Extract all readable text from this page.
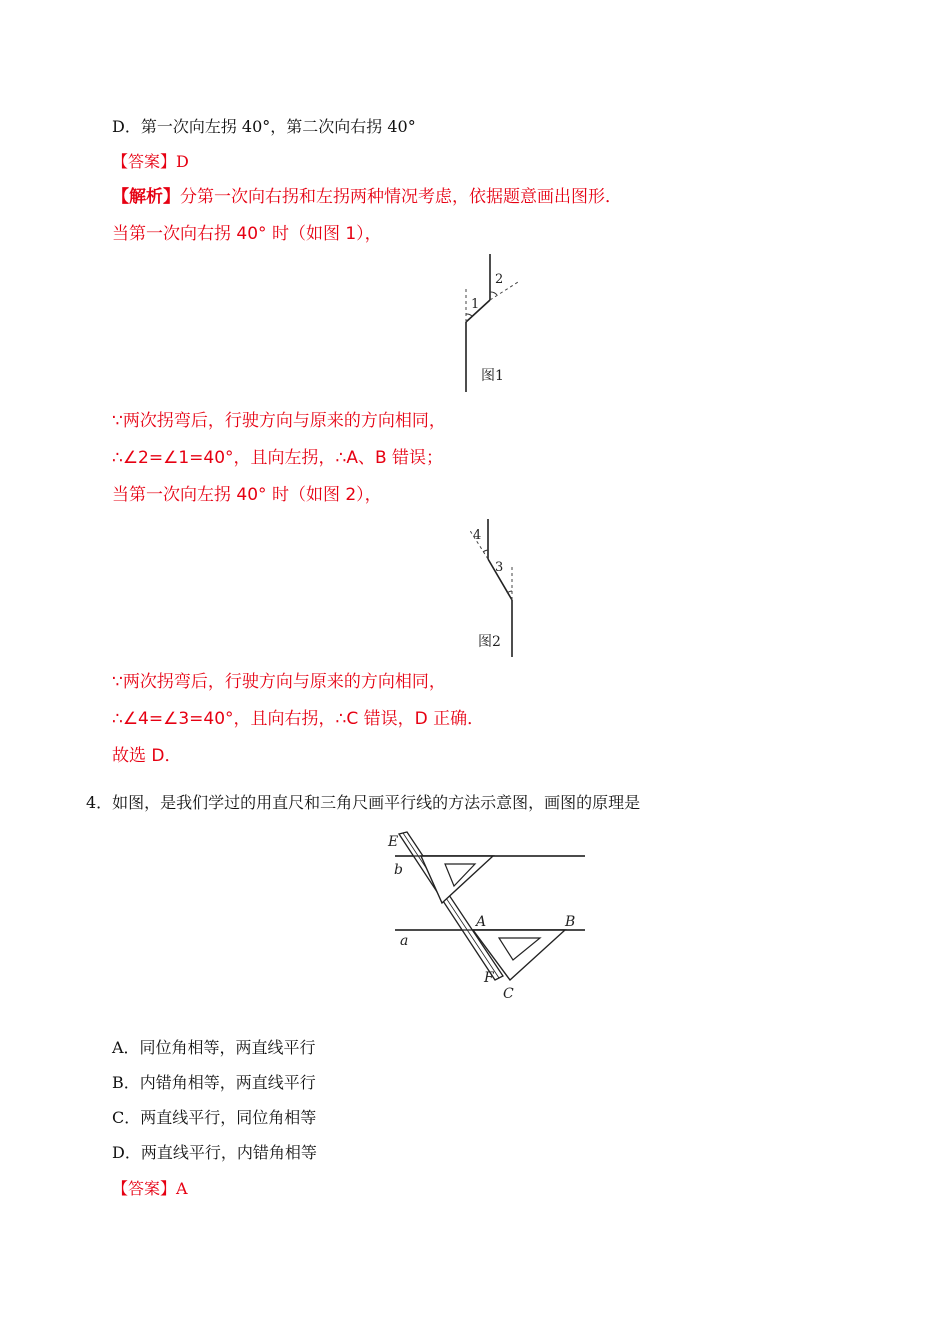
D．第一次向左拐 40°，第二次向右拐 40°
【答案】D
【解析】分第一次向右拐和左拐两种情况考虑，依据题意画出图形．
当第一次向右拐 40° 时（如图 1），
1
2
图1
∵两次拐弯后，行驶方向与原来的方向相同，
∴∠2=∠1=40°，且向左拐，∴A、B 错误；
当第一次向左拐 40° 时（如图 2），
3
4
图2
∵两次拐弯后，行驶方向与原来的方向相同，
∴∠4=∠3=40°，且向右拐，∴C 错误，D 正确．
故选 D．
4．如图，是我们学过的用直尺和三角尺画平行线的方法示意图，画图的原理是
E
b
A	B
a
F
C
A．同位角相等，两直线平行
B．内错角相等，两直线平行
C．两直线平行，同位角相等
D．两直线平行，内错角相等
【答案】A
